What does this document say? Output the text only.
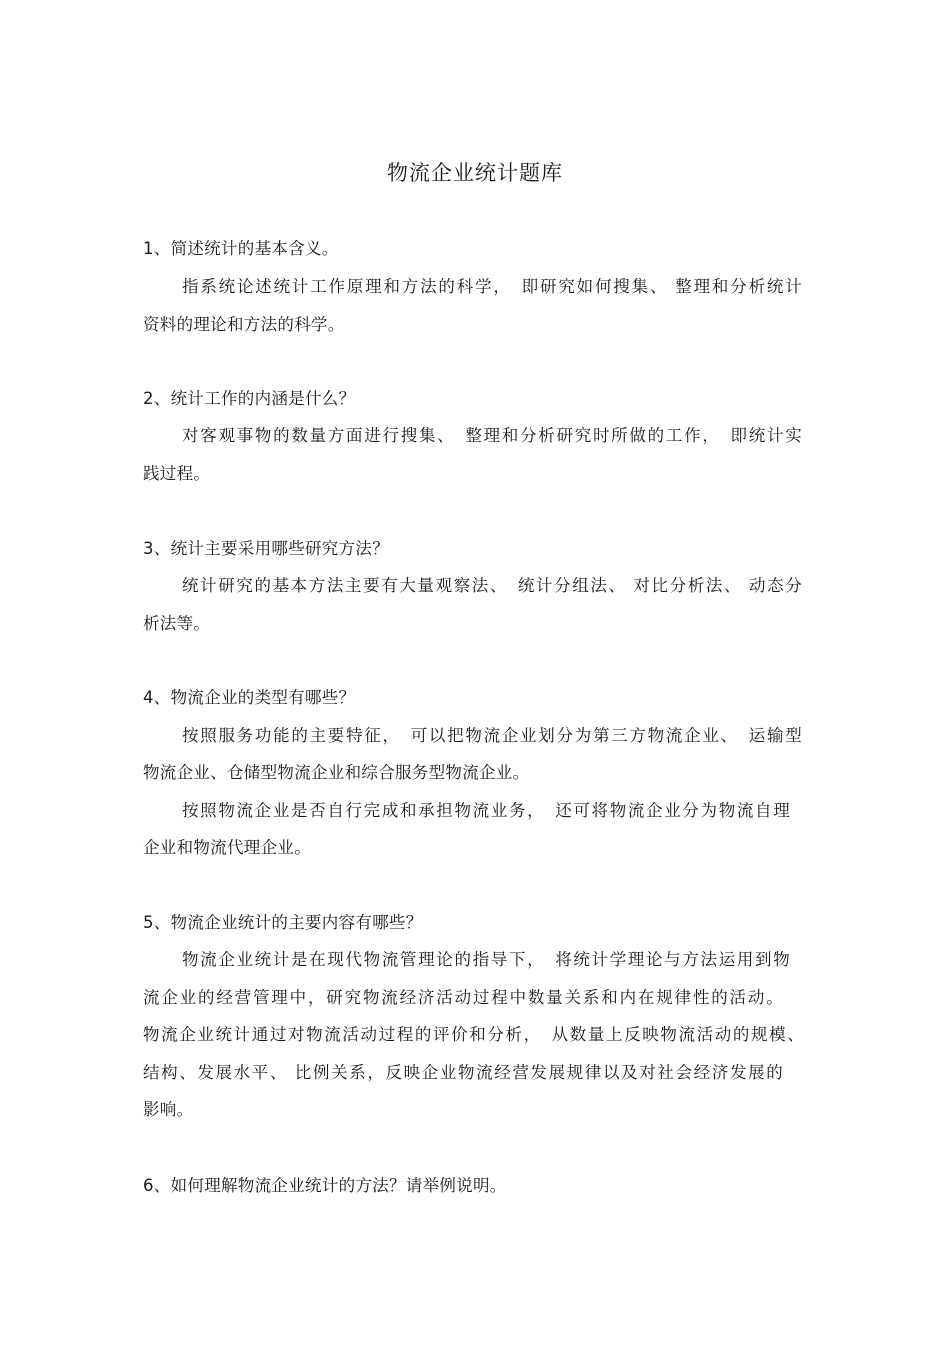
物流企业统计题库
1、简述统计的基本含义。
指系统论述统计工作原理和方法的科学，　即研究如何搜集、 整理和分析统计
资料的理论和方法的科学。
2、统计工作的内涵是什么？
对客观事物的数量方面进行搜集、　整理和分析研究时所做的工作，　即统计实
践过程。
3、统计主要采用哪些研究方法？
统计研究的基本方法主要有大量观察法、　统计分组法、 对比分析法、 动态分
析法等。
4、物流企业的类型有哪些？
按照服务功能的主要特征，　可以把物流企业划分为第三方物流企业、　运输型
物流企业、仓储型物流企业和综合服务型物流企业。
按照物流企业是否自行完成和承担物流业务，　还可将物流企业分为物流自理
企业和物流代理企业。
5、物流企业统计的主要内容有哪些？
物流企业统计是在现代物流管理论的指导下，　将统计学理论与方法运用到物
流企业的经营管理中，研究物流经济活动过程中数量关系和内在规律性的活动。
物流企业统计通过对物流活动过程的评价和分析，　从数量上反映物流活动的规模、
结构、发展水平、 比例关系，反映企业物流经营发展规律以及对社会经济发展的
影响。
6、如何理解物流企业统计的方法？请举例说明。
